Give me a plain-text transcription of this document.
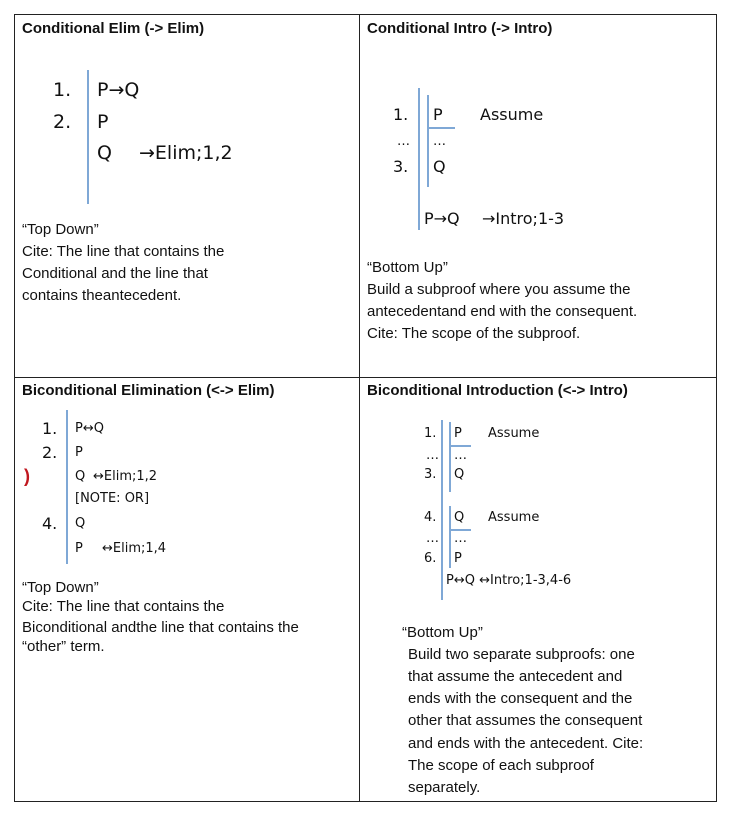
Conditional Elim (-> Elim)
1. P→Q
2. P
Q →Elim;1,2
“Top Down”
Cite: The line that contains the
Conditional and the line that
contains theantecedent.
Conditional Intro (-> Intro)
1. P Assume
… …
3. Q
P→Q →Intro;1-3
“Bottom Up”
Build a subproof where you assume the
antecedentand end with the consequent.
Cite: The scope of the subproof.
Biconditional Elimination (<-> Elim)
1. P↔Q
2. P
)	Q ↔Elim;1,2
[NOTE: OR]
4. Q
P ↔Elim;1,4
“Top Down”
Cite: The line that contains the
Biconditional andthe line that contains the
“other” term.
Biconditional Introduction (<-> Intro)
1. P Assume
… …
3. Q
4. Q Assume
… …
6. P
P↔Q ↔Intro;1-3,4-6
“Bottom Up”
Build two separate subproofs: one
that assume the antecedent and
ends with the consequent and the
other that assumes the consequent
and ends with the antecedent. Cite:
The scope of each subproof
separately.
